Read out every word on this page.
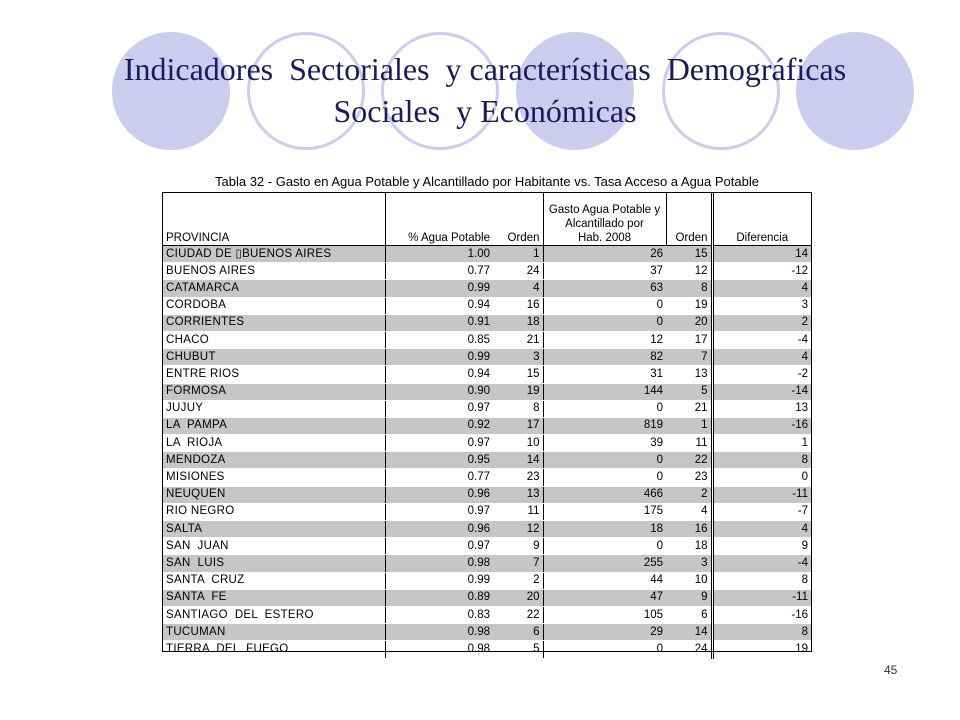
Indicadores  Sectoriales  y características  Demográficas
Sociales  y Económicas
Tabla 32 - Gasto en Agua Potable y Alcantillado por Habitante vs. Tasa Acceso a Agua Potable
PROVINCIA	% Agua Potable	Orden	Gasto Agua Potable y
Alcantillado por
Hab. 2008	Orden	Diferencia
CIUDAD DE ▯BUENOS AIRES	1.00	1	26	15	14
BUENOS AIRES	0.77	24	37	12	-12
CATAMARCA	0.99	4	63	8	4
CORDOBA	0.94	16	0	19	3
CORRIENTES	0.91	18	0	20	2
CHACO	0.85	21	12	17	-4
CHUBUT	0.99	3	82	7	4
ENTRE RIOS	0.94	15	31	13	-2
FORMOSA	0.90	19	144	5	-14
JUJUY	0.97	8	0	21	13
LA  PAMPA	0.92	17	819	1	-16
LA  RIOJA	0.97	10	39	11	1
MENDOZA	0.95	14	0	22	8
MISIONES	0.77	23	0	23	0
NEUQUEN	0.96	13	466	2	-11
RIO NEGRO	0.97	11	175	4	-7
SALTA	0.96	12	18	16	4
SAN  JUAN	0.97	9	0	18	9
SAN  LUIS	0.98	7	255	3	-4
SANTA  CRUZ	0.99	2	44	10	8
SANTA  FE	0.89	20	47	9	-11
SANTIAGO  DEL  ESTERO	0.83	22	105	6	-16
TUCUMAN	0.98	6	29	14	8
TIERRA  DEL  FUEGO	0.98	5	0	24	19
45
